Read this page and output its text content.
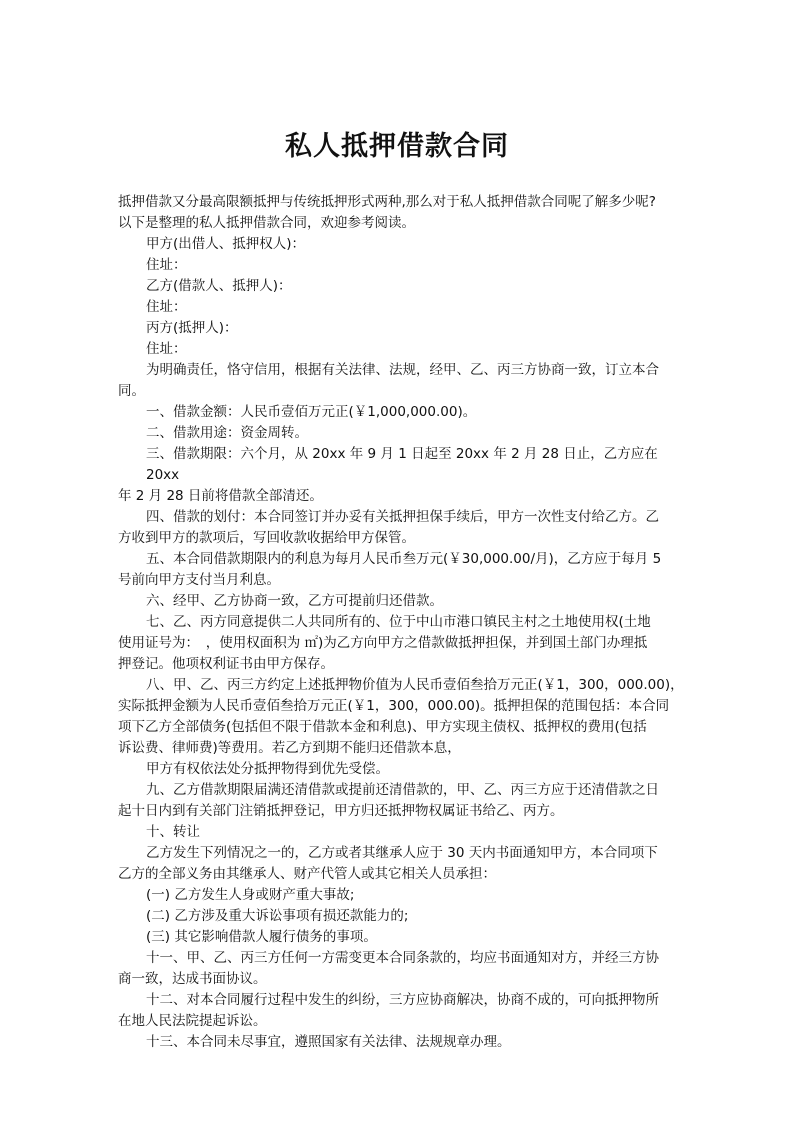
私人抵押借款合同

抵押借款又分最高限额抵押与传统抵押形式两种,那么对于私人抵押借款合同呢了解多少呢?

以下是整理的私人抵押借款合同，欢迎参考阅读。

甲方(出借人、抵押权人)：

住址：

乙方(借款人、抵押人)：

住址：

丙方(抵押人)：

住址：

为明确责任，恪守信用，根据有关法律、法规，经甲、乙、丙三方协商一致，订立本合

同。

一、借款金额：人民币壹佰万元正(￥1,000,000.00)。

二、借款用途：资金周转。

三、借款期限：六个月，从 20xx 年 9 月 1 日起至 20xx 年 2 月 28 日止，乙方应在 20xx

年 2 月 28 日前将借款全部清还。

四、借款的划付：本合同签订并办妥有关抵押担保手续后，甲方一次性支付给乙方。乙

方收到甲方的款项后，写回收款收据给甲方保管。

五、本合同借款期限内的利息为每月人民币叁万元(￥30,000.00/月)，乙方应于每月 5

号前向甲方支付当月利息。

六、经甲、乙方协商一致，乙方可提前归还借款。

七、乙、丙方同意提供二人共同所有的、位于中山市港口镇民主村之土地使用权(土地

使用证号为：　，使用权面积为 ㎡)为乙方向甲方之借款做抵押担保，并到国土部门办理抵

押登记。他项权利证书由甲方保存。

八、甲、乙、丙三方约定上述抵押物价值为人民币壹佰叁拾万元正(￥1，300，000.00)，

实际抵押金额为人民币壹佰叁拾万元正(￥1，300，000.00)。抵押担保的范围包括：本合同

项下乙方全部债务(包括但不限于借款本金和利息)、甲方实现主债权、抵押权的费用(包括

诉讼费、律师费)等费用。若乙方到期不能归还借款本息，

甲方有权依法处分抵押物得到优先受偿。

九、乙方借款期限届满还清借款或提前还清借款的，甲、乙、丙三方应于还清借款之日

起十日内到有关部门注销抵押登记，甲方归还抵押物权属证书给乙、丙方。

十、转让

乙方发生下列情况之一的，乙方或者其继承人应于 30 天内书面通知甲方，本合同项下

乙方的全部义务由其继承人、财产代管人或其它相关人员承担：

(一) 乙方发生人身或财产重大事故;

(二) 乙方涉及重大诉讼事项有损还款能力的;

(三) 其它影响借款人履行债务的事项。

十一、甲、乙、丙三方任何一方需变更本合同条款的，均应书面通知对方，并经三方协

商一致，达成书面协议。

十二、对本合同履行过程中发生的纠纷，三方应协商解决，协商不成的，可向抵押物所

在地人民法院提起诉讼。

十三、本合同未尽事宜，遵照国家有关法律、法规规章办理。
